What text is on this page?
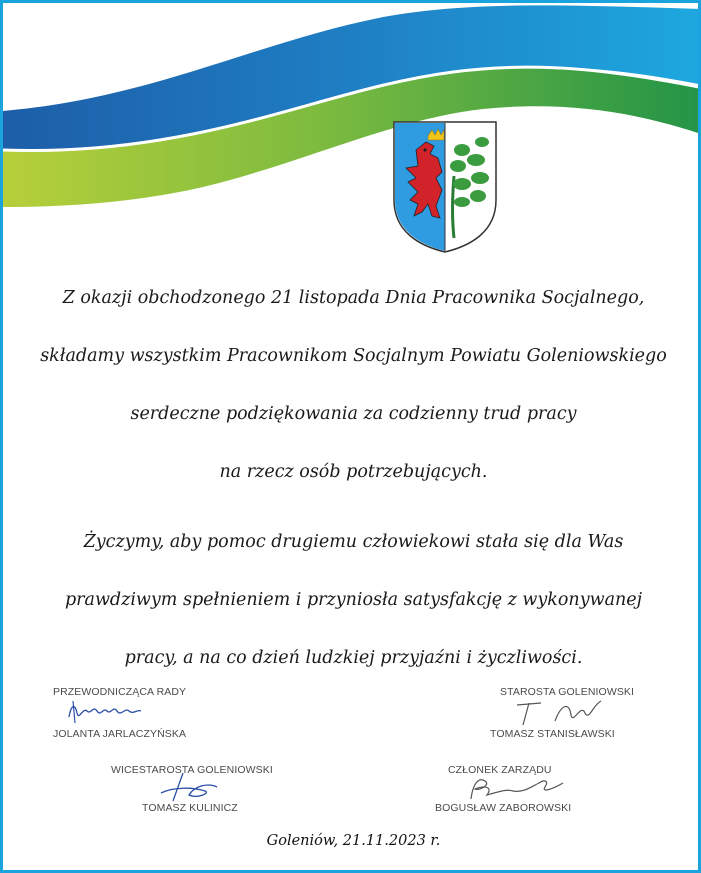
Z okazji obchodzonego 21 listopada Dnia Pracownika Socjalnego,
składamy wszystkim Pracownikom Socjalnym Powiatu Goleniowskiego
serdeczne podziękowania za codzienny trud pracy
na rzecz osób potrzebujących.
Życzymy, aby pomoc drugiemu człowiekowi stała się dla Was
prawdziwym spełnieniem i przyniosła satysfakcję z wykonywanej
pracy, a na co dzień ludzkiej przyjaźni i życzliwości.
PRZEWODNICZĄCA RADY
JOLANTA JARLACZYŃSKA
STAROSTA GOLENIOWSKI
TOMASZ STANISŁAWSKI
WICESTAROSTA GOLENIOWSKI
TOMASZ KULINICZ
CZŁONEK ZARZĄDU
BOGUSŁAW ZABOROWSKI
Goleniów, 21.11.2023 r.
